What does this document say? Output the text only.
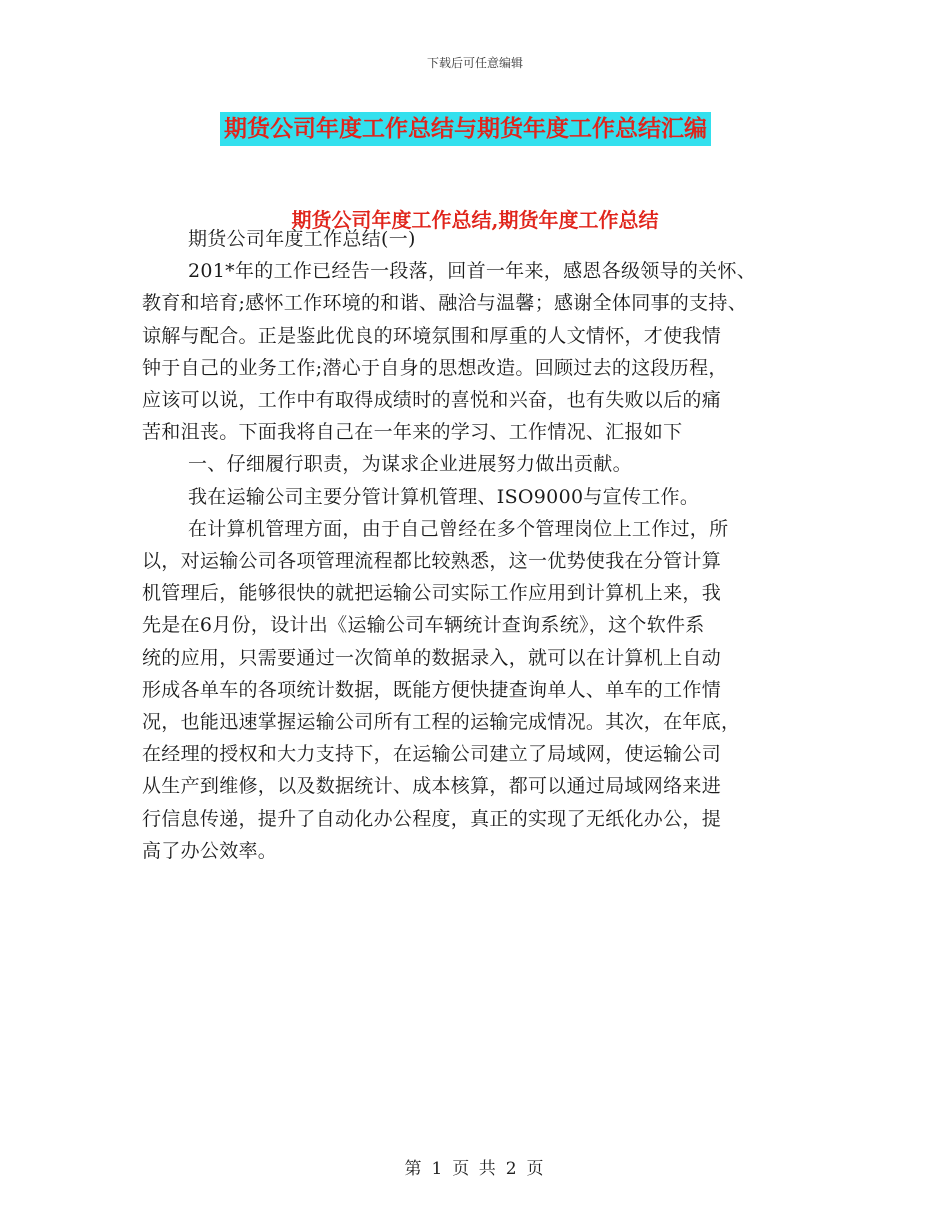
下载后可任意编辑
期货公司年度工作总结与期货年度工作总结汇编
期货公司年度工作总结,期货年度工作总结
期货公司年度工作总结(一)
201*年的工作已经告一段落，回首一年来，感恩各级领导的关怀、
教育和培育;感怀工作环境的和谐、融洽与温馨；感谢全体同事的支持、
谅解与配合。正是鉴此优良的环境氛围和厚重的人文情怀，才使我情
钟于自己的业务工作;潜心于自身的思想改造。回顾过去的这段历程，
应该可以说，工作中有取得成绩时的喜悦和兴奋，也有失败以后的痛
苦和沮丧。下面我将自己在一年来的学习、工作情况、汇报如下
一、仔细履行职责，为谋求企业进展努力做出贡献。
我在运输公司主要分管计算机管理、ISO9000与宣传工作。
在计算机管理方面，由于自己曾经在多个管理岗位上工作过，所
以，对运输公司各项管理流程都比较熟悉，这一优势使我在分管计算
机管理后，能够很快的就把运输公司实际工作应用到计算机上来，我
先是在6月份，设计出《运输公司车辆统计查询系统》，这个软件系
统的应用，只需要通过一次简单的数据录入，就可以在计算机上自动
形成各单车的各项统计数据，既能方便快捷查询单人、单车的工作情
况，也能迅速掌握运输公司所有工程的运输完成情况。其次，在年底，
在经理的授权和大力支持下，在运输公司建立了局域网，使运输公司
从生产到维修，以及数据统计、成本核算，都可以通过局域网络来进
行信息传递，提升了自动化办公程度，真正的实现了无纸化办公，提
高了办公效率。
第 1 页 共 2 页
